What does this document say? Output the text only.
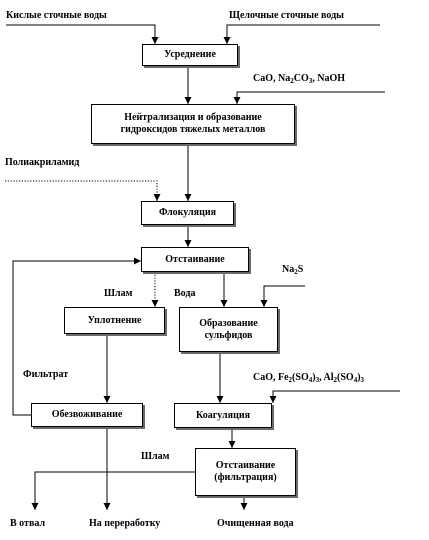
Усреднение
Нейтрализация и образование
гидроксидов тяжелых металлов
Флокуляция
Отстаивание
Уплотнение	Образование
сульфидов
Обезвоживание	Коагуляция
Отстаивание
(фильтрация)
Кислые сточные воды	Щелочные сточные воды
Полиакриламид
CaO, $Na_2CO_3$, NaOH
$Na_2S$
CaO, $Fe_2(SO_4)_3$, $Al_2(SO_4)_3$
Шлам	Вода
Фильтрат
Шлам
В отвал	На переработку	Очищенная вода
